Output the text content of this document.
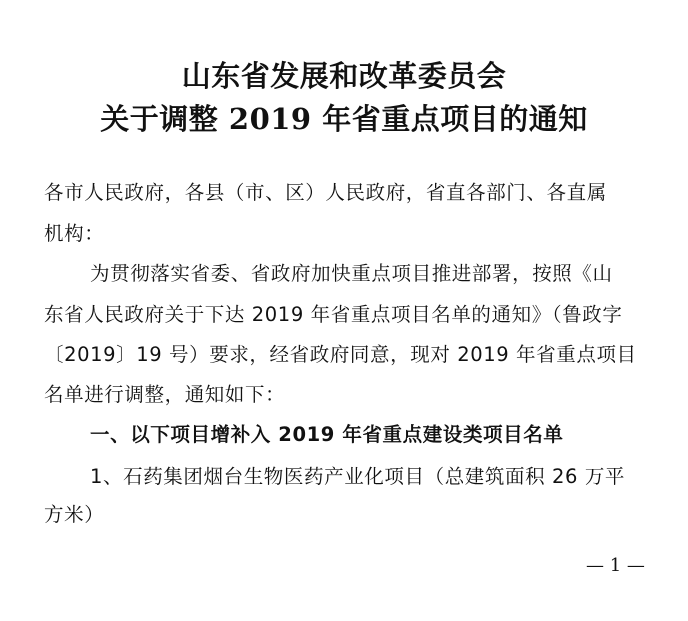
山东省发展和改革委员会
关于调整 2019 年省重点项目的通知
各市人民政府，各县（市、区）人民政府，省直各部门、各直属
机构：
为贯彻落实省委、省政府加快重点项目推进部署，按照《山
东省人民政府关于下达 2019 年省重点项目名单的通知》（鲁政字
〔2019〕19 号）要求，经省政府同意，现对 2019 年省重点项目
名单进行调整，通知如下：
一、以下项目增补入 2019 年省重点建设类项目名单
1、石药集团烟台生物医药产业化项目（总建筑面积 26 万平
方米）
— 1 —
